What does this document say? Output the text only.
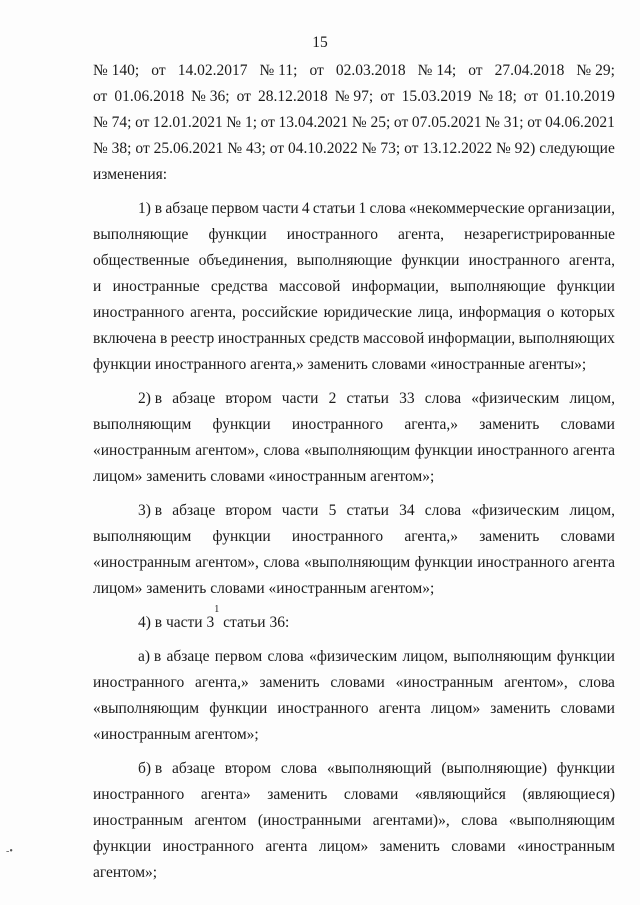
15
№ 140; от 14.02.2017 № 11; от 02.03.2018 № 14; от 27.04.2018 № 29;
от 01.06.2018 № 36; от 28.12.2018 № 97; от 15.03.2019 № 18; от 01.10.2019
№ 74; от 12.01.2021 № 1; от 13.04.2021 № 25; от 07.05.2021 № 31; от 04.06.2021
№ 38; от 25.06.2021 № 43; от 04.10.2022 № 73; от 13.12.2022 № 92) следующие
изменения:
1) в абзаце первом части 4 статьи 1 слова «некоммерческие организации,
выполняющие функции иностранного агента, незарегистрированные
общественные объединения, выполняющие функции иностранного агента,
и иностранные средства массовой информации, выполняющие функции
иностранного агента, российские юридические лица, информация о которых
включена в реестр иностранных средств массовой информации, выполняющих
функции иностранного агента,» заменить словами «иностранные агенты»;
2) в абзаце втором части 2 статьи 33 слова «физическим лицом,
выполняющим функции иностранного агента,» заменить словами
«иностранным агентом», слова «выполняющим функции иностранного агента
лицом» заменить словами «иностранным агентом»;
3) в абзаце втором части 5 статьи 34 слова «физическим лицом,
выполняющим функции иностранного агента,» заменить словами
«иностранным агентом», слова «выполняющим функции иностранного агента
лицом» заменить словами «иностранным агентом»;
4) в части 3
1
статьи 36:
а) в абзаце первом слова «физическим лицом, выполняющим функции
иностранного агента,» заменить словами «иностранным агентом», слова
«выполняющим функции иностранного агента лицом» заменить словами
«иностранным агентом»;
б) в абзаце втором слова «выполняющий (выполняющие) функции
иностранного агента» заменить словами «являющийся (являющиеся)
иностранным агентом (иностранными агентами)», слова «выполняющим
функции иностранного агента лицом» заменить словами «иностранным
агентом»;
-•
